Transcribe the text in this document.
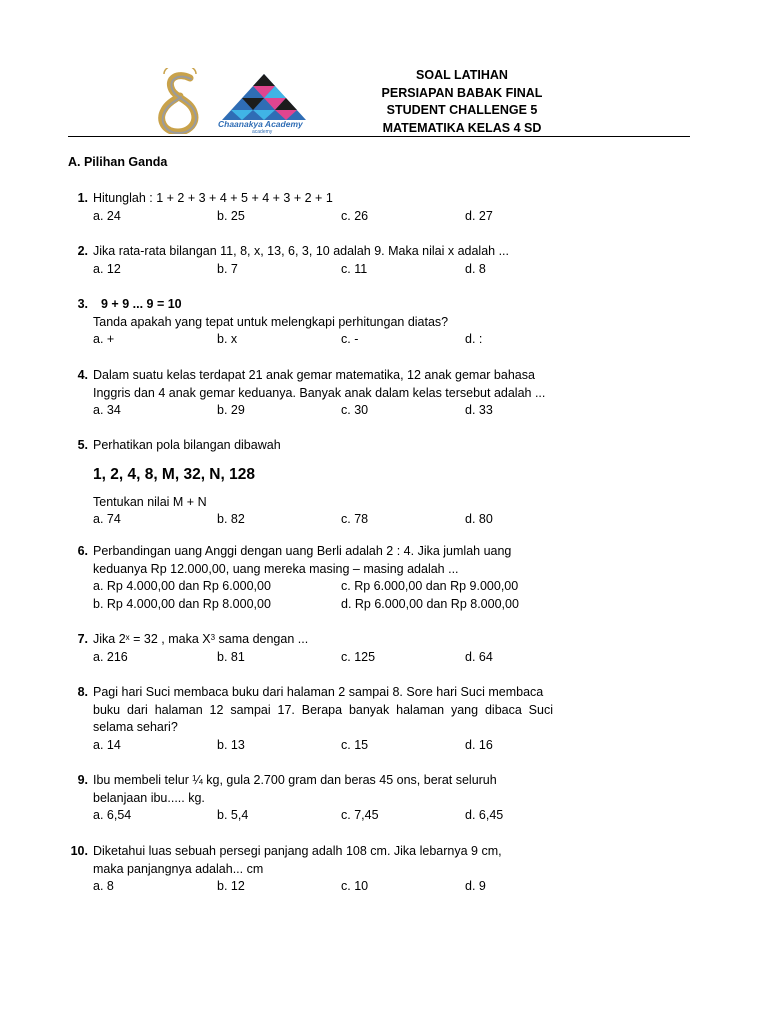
Chaanakya Academy
academy
SOAL LATIHAN
PERSIAPAN BABAK FINAL
STUDENT CHALLENGE 5
MATEMATIKA KELAS 4 SD
A. Pilihan Ganda
1. Hitunglah : 1 + 2 + 3 + 4 + 5 + 4 + 3 + 2 + 1
a. 24	b. 25	c. 26	d. 27
2. Jika rata-rata bilangan 11, 8, x, 13, 6, 3, 10 adalah 9. Maka nilai x adalah ...
a. 12	b. 7	c. 11	d. 8
3.	9 + 9 ... 9 = 10
Tanda apakah yang tepat untuk melengkapi perhitungan diatas?
a. +	b. x	c. -	d. :
4. Dalam suatu kelas terdapat 21 anak gemar matematika, 12 anak gemar bahasa
Inggris dan 4 anak gemar keduanya. Banyak anak dalam kelas tersebut adalah ...
a. 34	b. 29	c. 30	d. 33
5. Perhatikan pola bilangan dibawah
1, 2, 4, 8, M, 32, N, 128
Tentukan nilai M + N
a. 74	b. 82	c. 78	d. 80
6. Perbandingan uang Anggi dengan uang Berli adalah 2 : 4. Jika jumlah uang
keduanya Rp 12.000,00, uang mereka masing – masing adalah ...
a. Rp 4.000,00 dan Rp 6.000,00	c. Rp 6.000,00 dan Rp 9.000,00
b. Rp 4.000,00 dan Rp 8.000,00	d. Rp 6.000,00 dan Rp 8.000,00
7. Jika $2^x = 32$ , maka $X^3$ sama dengan ...
a. 216	b. 81	c. 125	d. 64
8. Pagi hari Suci membaca buku dari halaman 2 sampai 8. Sore hari Suci membaca
buku dari halaman 12 sampai 17. Berapa banyak halaman yang dibaca Suci
selama sehari?
a. 14	b. 13	c. 15	d. 16
9. Ibu membeli telur ¼ kg, gula 2.700 gram dan beras 45 ons, berat seluruh
belanjaan ibu..... kg.
a. 6,54	b. 5,4	c. 7,45	d. 6,45
10. Diketahui luas sebuah persegi panjang adalh 108 cm. Jika lebarnya 9 cm,
maka panjangnya adalah... cm
a. 8	b. 12	c. 10	d. 9
